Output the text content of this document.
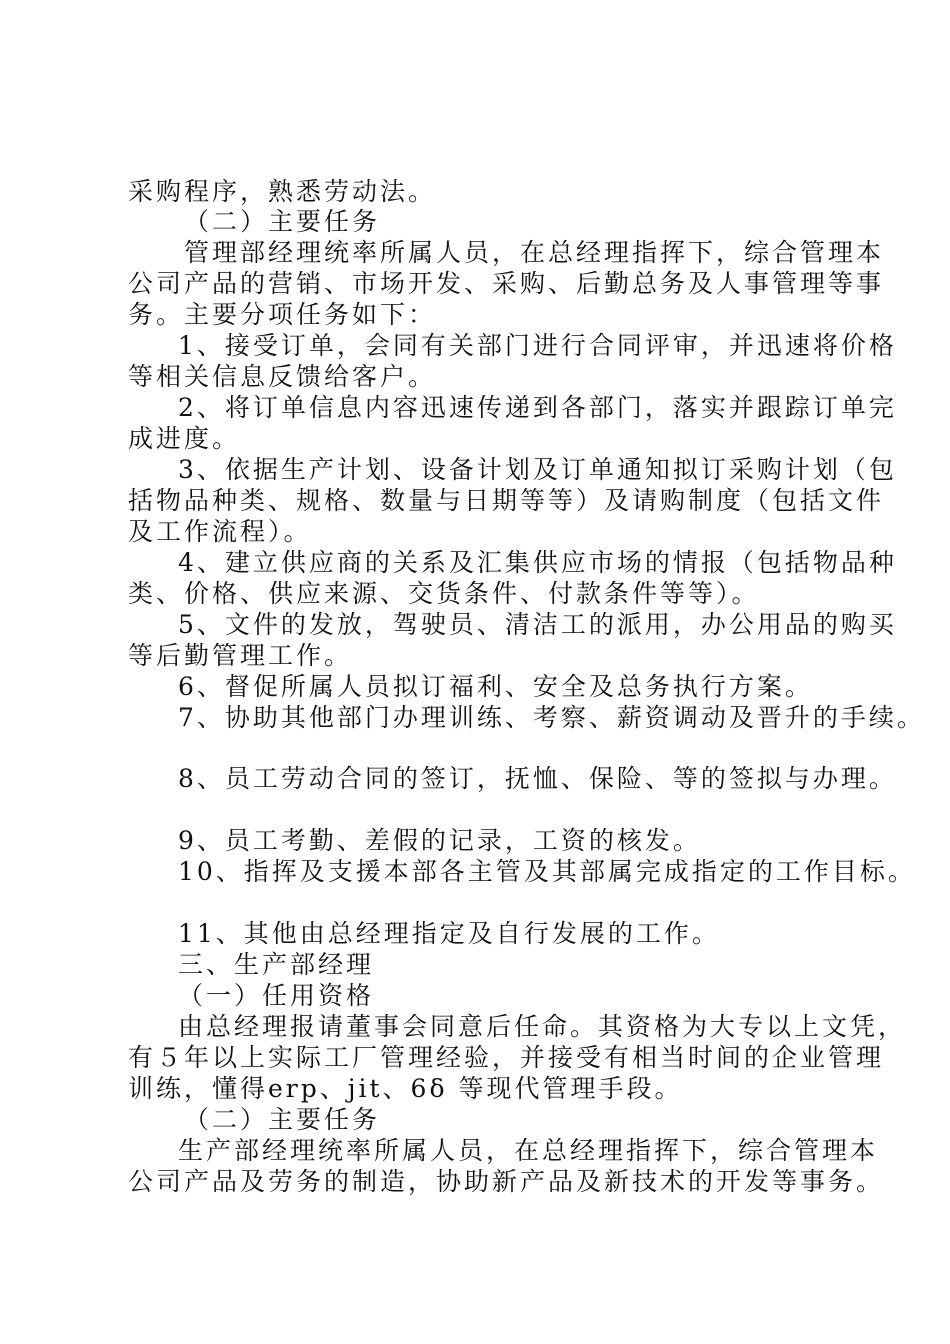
采购程序，熟悉劳动法。
（二）主要任务
管理部经理统率所属人员，在总经理指挥下，综合管理本
公司产品的营销、市场开发、采购、后勤总务及人事管理等事
务。主要分项任务如下：
1、接受订单，会同有关部门进行合同评审，并迅速将价格
等相关信息反馈给客户。
2、将订单信息内容迅速传递到各部门，落实并跟踪订单完
成进度。
3、依据生产计划、设备计划及订单通知拟订采购计划（包
括物品种类、规格、数量与日期等等）及请购制度（包括文件
及工作流程）。
4、建立供应商的关系及汇集供应市场的情报（包括物品种
类、价格、供应来源、交货条件、付款条件等等）。
5、文件的发放，驾驶员、清洁工的派用，办公用品的购买
等后勤管理工作。
6、督促所属人员拟订福利、安全及总务执行方案。
7、协助其他部门办理训练、考察、薪资调动及晋升的手续。
8、员工劳动合同的签订，抚恤、保险、等的签拟与办理。
9、员工考勤、差假的记录，工资的核发。
10、指挥及支援本部各主管及其部属完成指定的工作目标。
11、其他由总经理指定及自行发展的工作。
三、生产部经理
（一）任用资格
由总经理报请董事会同意后任命。其资格为大专以上文凭，
有５年以上实际工厂管理经验，并接受有相当时间的企业管理
训练，懂得erp、jit、6δ 等现代管理手段。
（二）主要任务
生产部经理统率所属人员，在总经理指挥下，综合管理本
公司产品及劳务的制造，协助新产品及新技术的开发等事务。
